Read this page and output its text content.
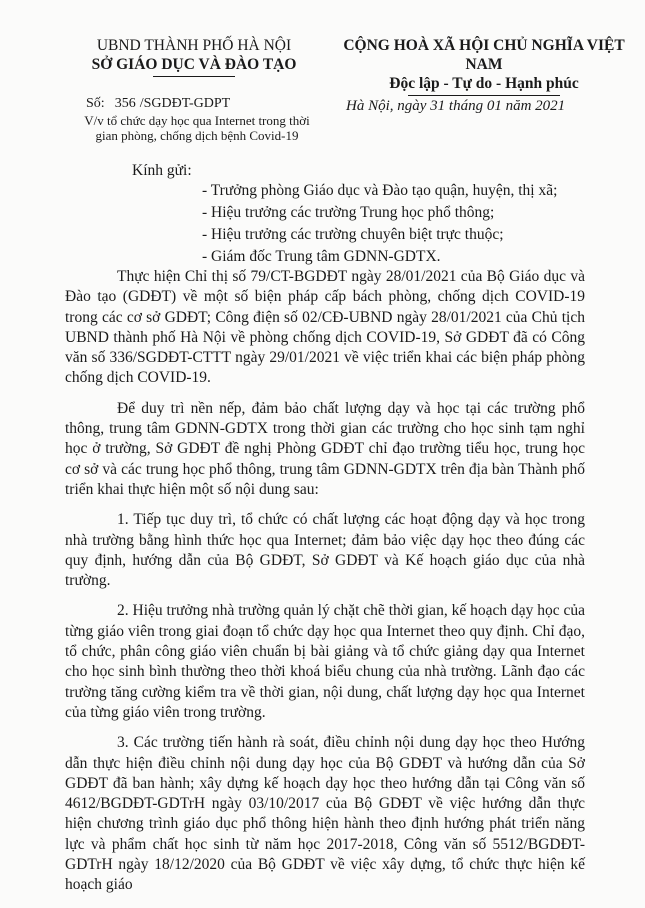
UBND THÀNH PHỐ HÀ NỘI
SỞ GIÁO DỤC VÀ ĐÀO TẠO
CỘNG HOÀ XÃ HỘI CHỦ NGHĨA VIỆT NAM
Độc lập - Tự do - Hạnh phúc
Số: 356 /SGDĐT-GDPT
V/v tổ chức dạy học qua Internet trong thời gian phòng, chống dịch bệnh Covid-19
Hà Nội, ngày 31 tháng 01 năm 2021
Kính gửi:
- Trưởng phòng Giáo dục và Đào tạo quận, huyện, thị xã;
- Hiệu trưởng các trường Trung học phổ thông;
- Hiệu trưởng các trường chuyên biệt trực thuộc;
- Giám đốc Trung tâm GDNN-GDTX.

Thực hiện Chỉ thị số 79/CT-BGDĐT ngày 28/01/2021 của Bộ Giáo dục và Đào tạo (GDĐT) về một số biện pháp cấp bách phòng, chống dịch COVID-19 trong các cơ sở GDĐT; Công điện số 02/CĐ-UBND ngày 28/01/2021 của Chủ tịch UBND thành phố Hà Nội về phòng chống dịch COVID-19, Sở GDĐT đã có Công văn số 336/SGDĐT-CTTT ngày 29/01/2021 về việc triển khai các biện pháp phòng chống dịch COVID-19.

Để duy trì nền nếp, đảm bảo chất lượng dạy và học tại các trường phổ thông, trung tâm GDNN-GDTX trong thời gian các trường cho học sinh tạm nghỉ học ở trường, Sở GDĐT đề nghị Phòng GDĐT chỉ đạo trường tiểu học, trung học cơ sở và các trung học phổ thông, trung tâm GDNN-GDTX trên địa bàn Thành phố triển khai thực hiện một số nội dung sau:

1. Tiếp tục duy trì, tổ chức có chất lượng các hoạt động dạy và học trong nhà trường bằng hình thức học qua Internet; đảm bảo việc dạy học theo đúng các quy định, hướng dẫn của Bộ GDĐT, Sở GDĐT và Kế hoạch giáo dục của nhà trường.

2. Hiệu trưởng nhà trường quản lý chặt chẽ thời gian, kế hoạch dạy học của từng giáo viên trong giai đoạn tổ chức dạy học qua Internet theo quy định. Chỉ đạo, tổ chức, phân công giáo viên chuẩn bị bài giảng và tổ chức giảng dạy qua Internet cho học sinh bình thường theo thời khoá biểu chung của nhà trường. Lãnh đạo các trường tăng cường kiểm tra về thời gian, nội dung, chất lượng dạy học qua Internet của từng giáo viên trong trường.

3. Các trường tiến hành rà soát, điều chỉnh nội dung dạy học theo Hướng dẫn thực hiện điều chỉnh nội dung dạy học của Bộ GDĐT và hướng dẫn của Sở GDĐT đã ban hành; xây dựng kế hoạch dạy học theo hướng dẫn tại Công văn số 4612/BGDĐT-GDTrH ngày 03/10/2017 của Bộ GDĐT về việc hướng dẫn thực hiện chương trình giáo dục phổ thông hiện hành theo định hướng phát triển năng lực và phẩm chất học sinh từ năm học 2017-2018, Công văn số 5512/BGDĐT-GDTrH ngày 18/12/2020 của Bộ GDĐT về việc xây dựng, tổ chức thực hiện kế hoạch giáo
